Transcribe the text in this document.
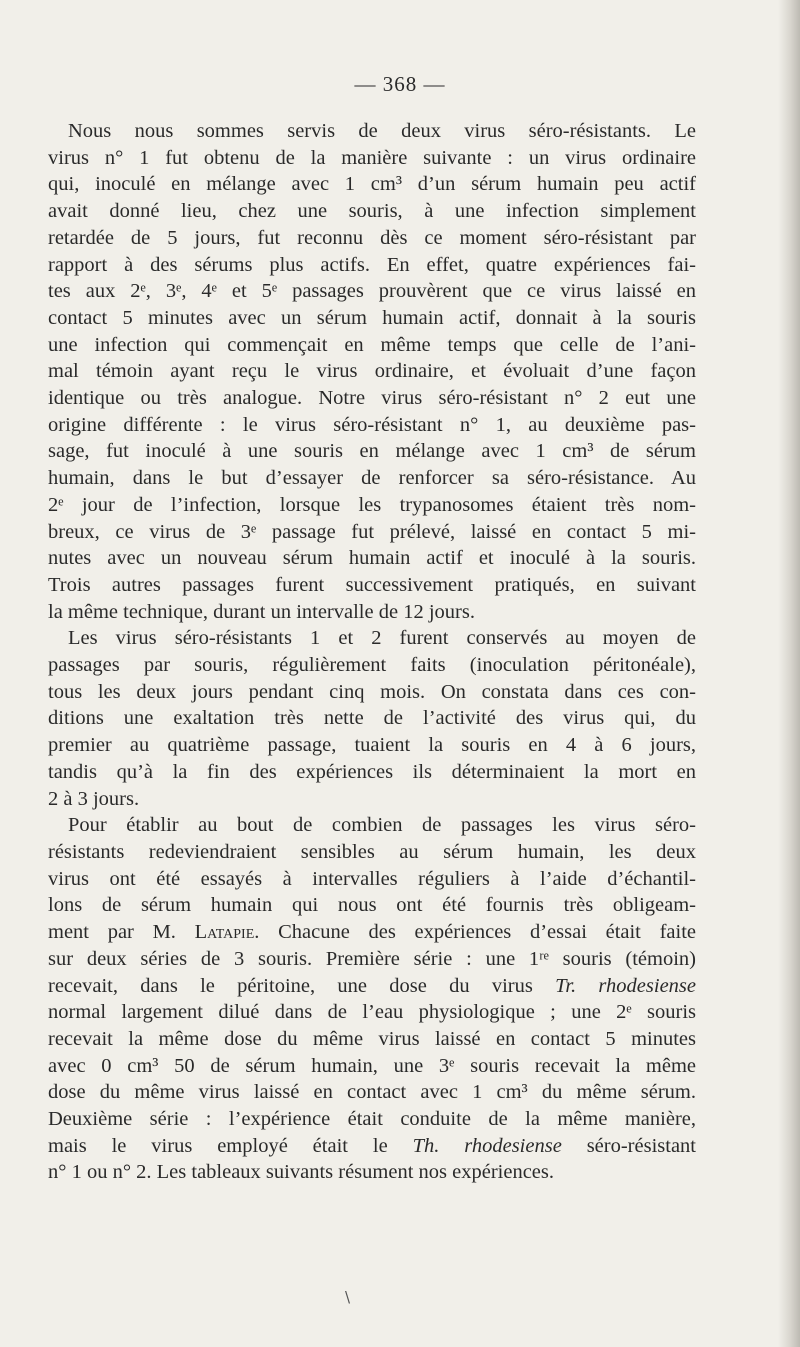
— 368 —

Nous nous sommes servis de deux virus séro-résistants. Le
virus n° 1 fut obtenu de la manière suivante : un virus ordinaire
qui, inoculé en mélange avec 1 cm³ d’un sérum humain peu actif
avait donné lieu, chez une souris, à une infection simplement
retardée de 5 jours, fut reconnu dès ce moment séro-résistant par
rapport à des sérums plus actifs. En effet, quatre expériences fai-
tes aux 2ᵉ, 3ᵉ, 4ᵉ et 5ᵉ passages prouvèrent que ce virus laissé en
contact 5 minutes avec un sérum humain actif, donnait à la souris
une infection qui commençait en même temps que celle de l’ani-
mal témoin ayant reçu le virus ordinaire, et évoluait d’une façon
identique ou très analogue. Notre virus séro-résistant n° 2 eut une
origine différente : le virus séro-résistant n° 1, au deuxième pas-
sage, fut inoculé à une souris en mélange avec 1 cm³ de sérum
humain, dans le but d’essayer de renforcer sa séro-résistance. Au
2ᵉ jour de l’infection, lorsque les trypanosomes étaient très nom-
breux, ce virus de 3ᵉ passage fut prélevé, laissé en contact 5 mi-
nutes avec un nouveau sérum humain actif et inoculé à la souris.
Trois autres passages furent successivement pratiqués, en suivant
la même technique, durant un intervalle de 12 jours.

Les virus séro-résistants 1 et 2 furent conservés au moyen de
passages par souris, régulièrement faits (inoculation péritonéale),
tous les deux jours pendant cinq mois. On constata dans ces con-
ditions une exaltation très nette de l’activité des virus qui, du
premier au quatrième passage, tuaient la souris en 4 à 6 jours,
tandis qu’à la fin des expériences ils déterminaient la mort en
2 à 3 jours.

Pour établir au bout de combien de passages les virus séro-
résistants redeviendraient sensibles au sérum humain, les deux
virus ont été essayés à intervalles réguliers à l’aide d’échantil-
lons de sérum humain qui nous ont été fournis très obligeam-
ment par M. Latapie. Chacune des expériences d’essai était faite
sur deux séries de 3 souris. Première série : une 1ʳᵉ souris (témoin)
recevait, dans le péritoine, une dose du virus Tr. rhodesiense
normal largement dilué dans de l’eau physiologique ; une 2ᵉ souris
recevait la même dose du même virus laissé en contact 5 minutes
avec 0 cm³ 50 de sérum humain, une 3ᵉ souris recevait la même
dose du même virus laissé en contact avec 1 cm³ du même sérum.
Deuxième série : l’expérience était conduite de la même manière,
mais le virus employé était le Th. rhodesiense séro-résistant
n° 1 ou n° 2. Les tableaux suivants résument nos expériences.

\
